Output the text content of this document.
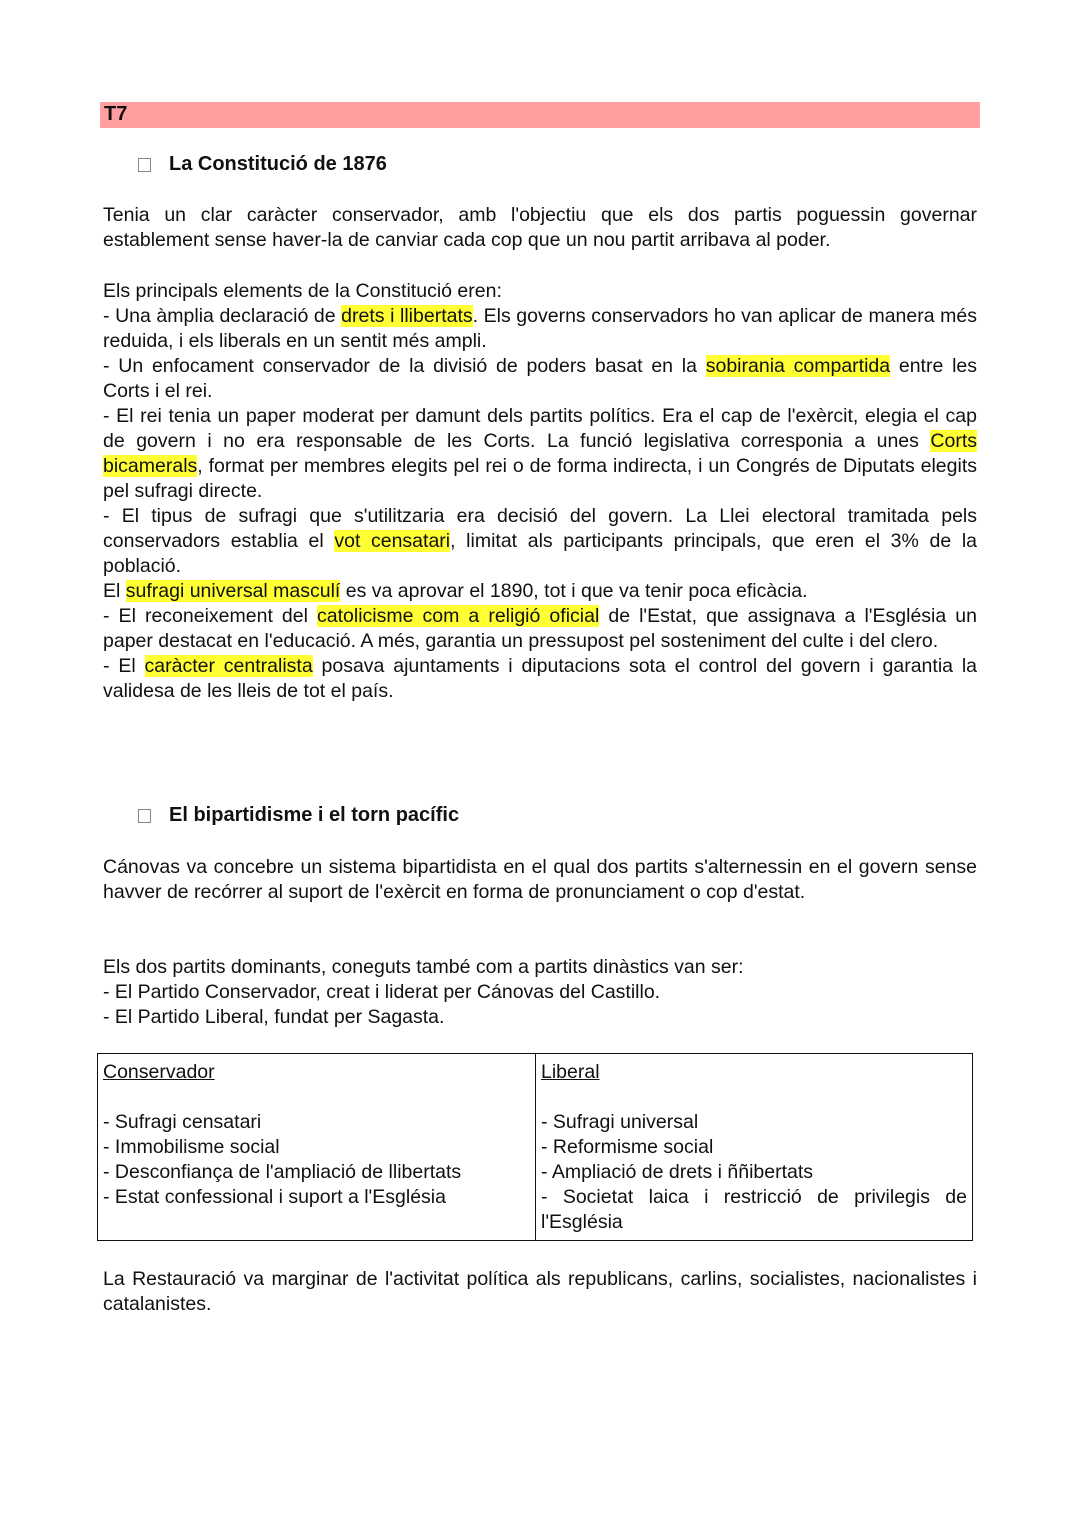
T7
La Constitució de 1876
Tenia un clar caràcter conservador, amb l'objectiu que els dos partis poguessin governar establement sense haver-la de canviar cada cop que un nou partit arribava al poder.
Els principals elements de la Constitució eren:
- Una àmplia declaració de drets i llibertats. Els governs conservadors ho van aplicar de manera més reduida, i els liberals en un sentit més ampli.
- Un enfocament conservador de la divisió de poders basat en la sobirania compartida entre les Corts i el rei.
- El rei tenia un paper moderat per damunt dels partits polítics. Era el cap de l'exèrcit, elegia el cap de govern i no era responsable de les Corts. La funció legislativa corresponia a unes Corts bicamerals, format per membres elegits pel rei o de forma indirecta, i un Congrés de Diputats elegits pel sufragi directe.
- El tipus de sufragi que s'utilitzaria era decisió del govern. La Llei electoral tramitada pels conservadors establia el vot censatari, limitat als participants principals, que eren el 3% de la població.
El sufragi universal masculí es va aprovar el 1890, tot i que va tenir poca eficàcia.
- El reconeixement del catolicisme com a religió oficial de l'Estat, que assignava a l'Església un paper destacat en l'educació. A més, garantia un pressupost pel sosteniment del culte i del clero.
- El caràcter centralista posava ajuntaments i diputacions sota el control del govern i garantia la validesa de les lleis de tot el país.
El bipartidisme i el torn pacífic
Cánovas va concebre un sistema bipartidista en el qual dos partits s'alternessin en el govern sense havver de recórrer al suport de l'exèrcit en forma de pronunciament o cop d'estat.
Els dos partits dominants, coneguts també com a partits dinàstics van ser:
- El Partido Conservador, creat i liderat per Cánovas del Castillo.
- El Partido Liberal, fundat per Sagasta.
Conservador
- Sufragi censatari
- Immobilisme social
- Desconfiança de l'ampliació de llibertats
- Estat confessional i suport a l'Església
Liberal
- Sufragi universal
- Reformisme social
- Ampliació de drets i ññibertats
- Societat laica i restricció de privilegis de l'Església
La Restauració va marginar de l'activitat política als republicans, carlins, socialistes, nacionalistes i catalanistes.
